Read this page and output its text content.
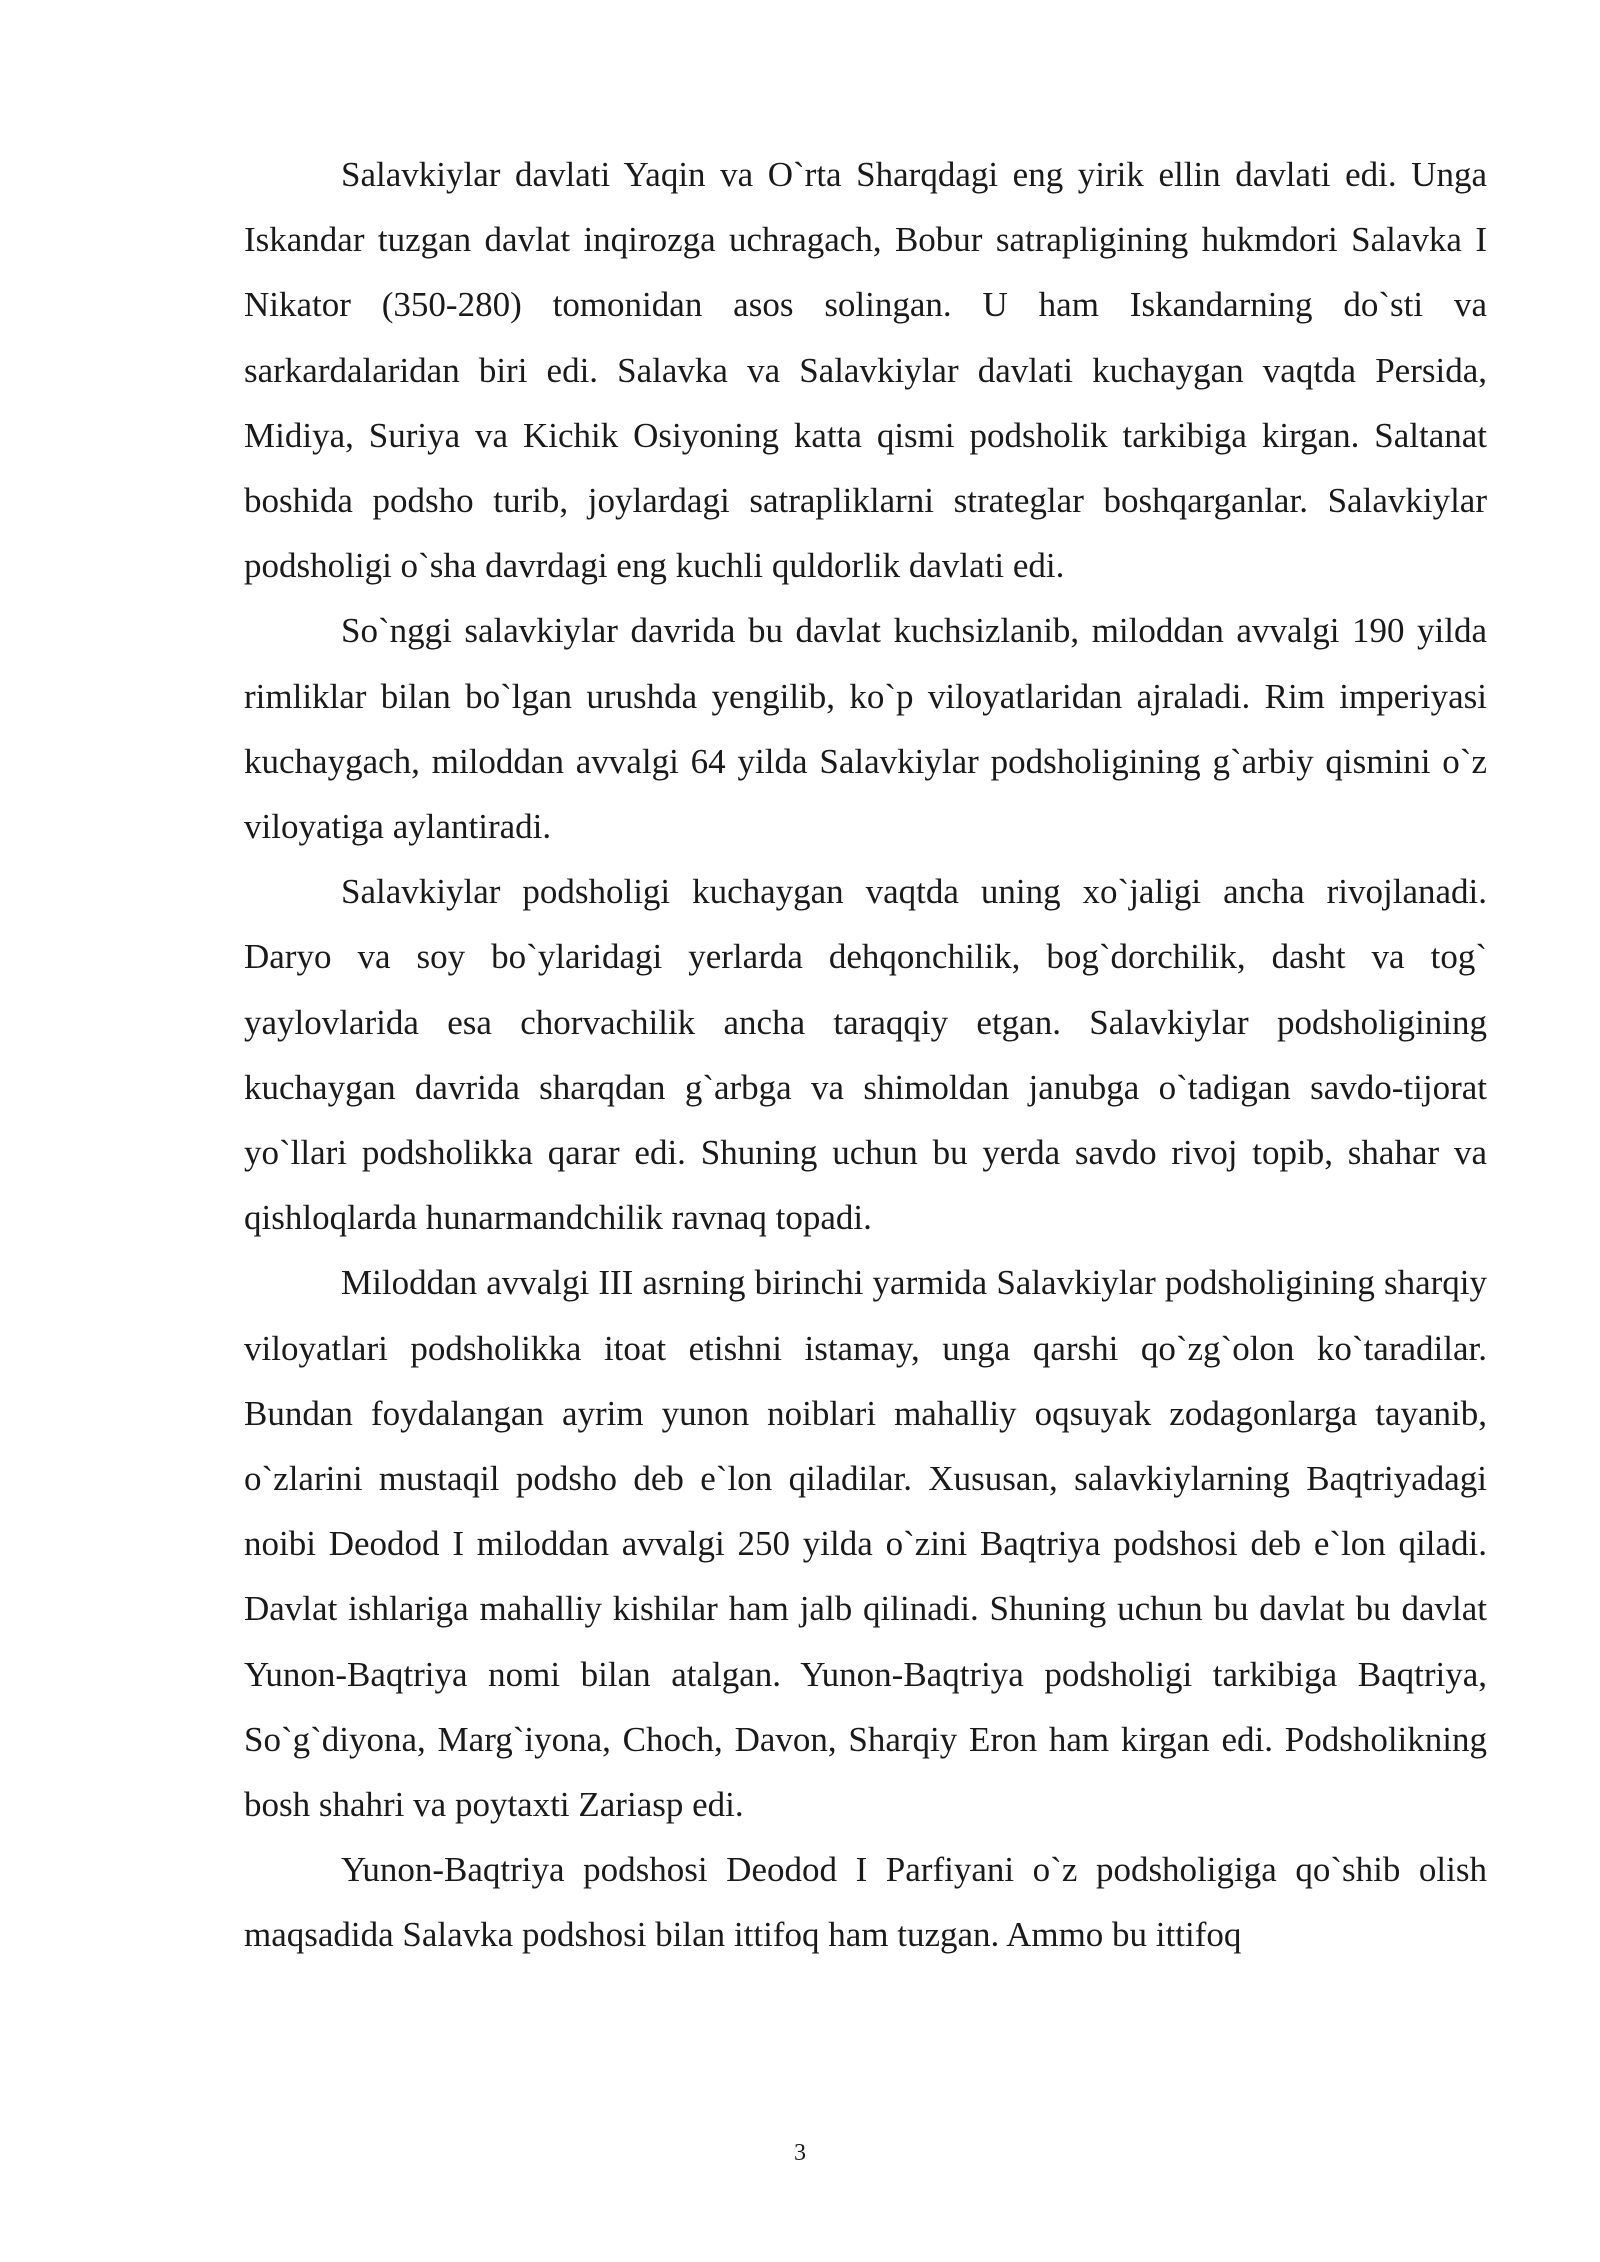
Salavkiylar davlati Yaqin va O`rta Sharqdagi eng yirik ellin davlati edi. Unga Iskandar tuzgan davlat inqirozga uchragach, Bobur satrapligining hukmdori Salavka I Nikator (350-280) tomonidan asos solingan. U ham Iskandarning do`sti va sarkardalaridan biri edi. Salavka va Salavkiylar davlati kuchaygan vaqtda Persida, Midiya, Suriya va Kichik Osiyoning katta qismi podsholik tarkibiga kirgan. Saltanat boshida podsho turib, joylardagi satrapliklarni strateglar boshqarganlar. Salavkiylar podsholigi o`sha davrdagi eng kuchli quldorlik davlati edi.

So`nggi salavkiylar davrida bu davlat kuchsizlanib, miloddan avvalgi 190 yilda rimliklar bilan bo`lgan urushda yengilib, ko`p viloyatlaridan ajraladi. Rim imperiyasi kuchaygach, miloddan avvalgi 64 yilda Salavkiylar podsholigining g`arbiy qismini o`z viloyatiga aylantiradi.

Salavkiylar podsholigi kuchaygan vaqtda uning xo`jaligi ancha rivojlanadi. Daryo va soy bo`ylaridagi yerlarda dehqonchilik, bog`dorchilik, dasht va tog` yaylovlarida esa chorvachilik ancha taraqqiy etgan. Salavkiylar podsholigining kuchaygan davrida sharqdan g`arbga va shimoldan janubga o`tadigan savdo-tijorat yo`llari podsholikka qarar edi. Shuning uchun bu yerda savdo rivoj topib, shahar va qishloqlarda hunarmandchilik ravnaq topadi.

Miloddan avvalgi III asrning birinchi yarmida Salavkiylar podsholigining sharqiy viloyatlari podsholikka itoat etishni istamay, unga qarshi qo`zg`olon ko`taradilar. Bundan foydalangan ayrim yunon noiblari mahalliy oqsuyak zodagonlarga tayanib, o`zlarini mustaqil podsho deb e`lon qiladilar. Xususan, salavkiylarning Baqtriyadagi noibi Deodod I miloddan avvalgi 250 yilda o`zini Baqtriya podshosi deb e`lon qiladi. Davlat ishlariga mahalliy kishilar ham jalb qilinadi. Shuning uchun bu davlat bu davlat Yunon-Baqtriya nomi bilan atalgan. Yunon-Baqtriya podsholigi tarkibiga Baqtriya, So`g`diyona, Marg`iyona, Choch, Davon, Sharqiy Eron ham kirgan edi. Podsholikning bosh shahri va poytaxti Zariasp edi.

Yunon-Baqtriya podshosi Deodod I Parfiyani o`z podsholigiga qo`shib olish maqsadida Salavka podshosi bilan ittifoq ham tuzgan. Ammo bu ittifoq

3
